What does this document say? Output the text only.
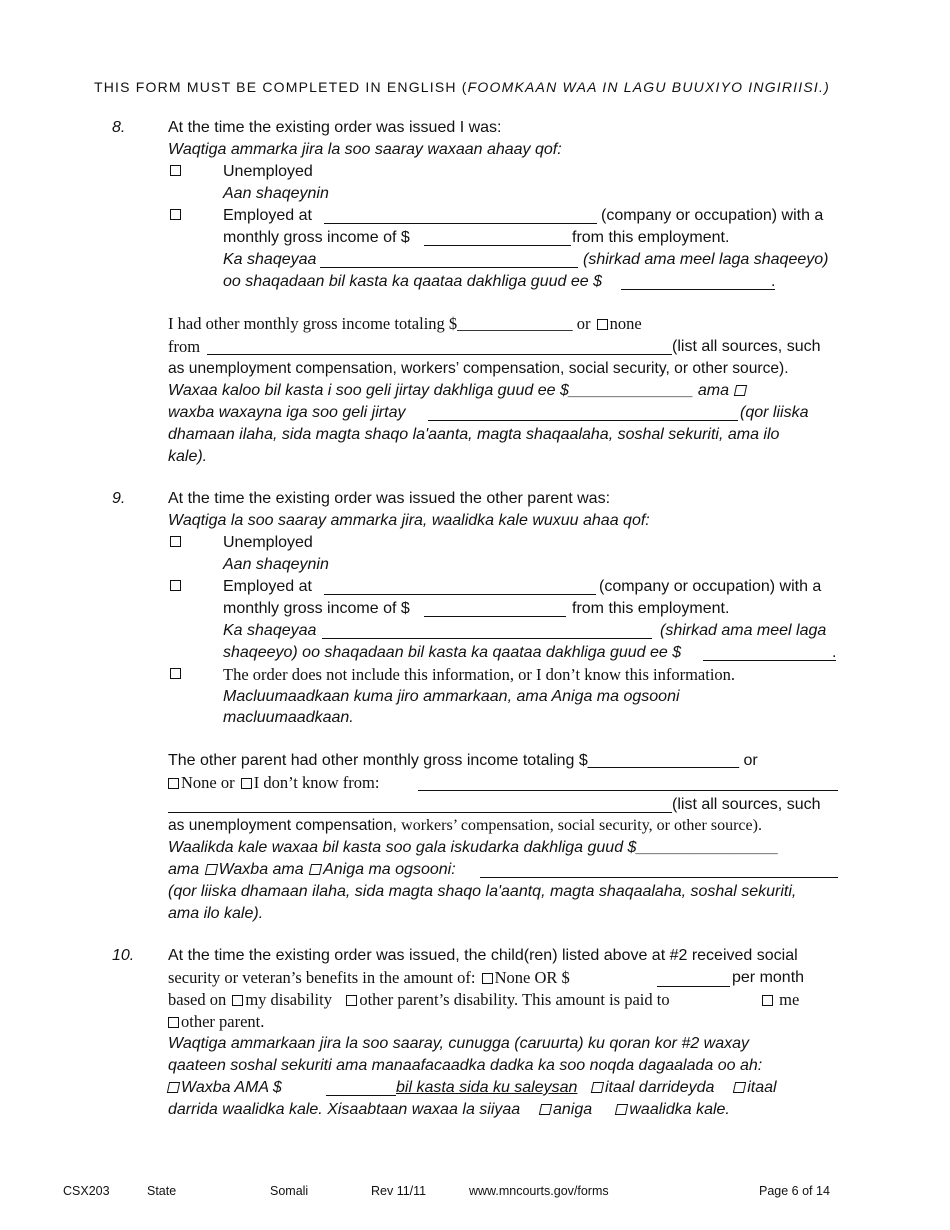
THIS FORM MUST BE COMPLETED IN ENGLISH (FOOMKAAN WAA IN LAGU BUUXIYO INGIRIISI.)
8.	At the time the existing order was issued I was:
Waqtiga ammarka jira la soo saaray waxaan ahaay qof:
Unemployed
Aan shaqeynin
Employed at	(company or occupation) with a
monthly gross income of $	from this employment.
Ka shaqeyaa	(shirkad ama meel laga shaqeeyo)
oo shaqadaan bil kasta ka qaataa dakhliga guud ee $	.
I had other monthly gross income totaling $______________ or none
from	(list all sources, such
as unemployment compensation, workers’ compensation, social security, or other source).
Waxaa kaloo bil kasta i soo geli jirtay dakhliga guud ee $______________ ama
waxba waxayna iga soo geli jirtay	(qor liiska
dhamaan ilaha, sida magta shaqo la'aanta, magta shaqaalaha, soshal sekuriti, ama ilo
kale).
9.	At the time the existing order was issued the other parent was:
Waqtiga la soo saaray ammarka jira, waalidka kale wuxuu ahaa qof:
Unemployed
Aan shaqeynin
Employed at	(company or occupation) with a
monthly gross income of $	from this employment.
Ka shaqeyaa	(shirkad ama meel laga
shaqeeyo) oo shaqadaan bil kasta ka qaataa dakhliga guud ee $	.
The order does not include this information, or I don’t know this information.
Macluumaadkaan kuma jiro ammarkaan, ama Aniga ma ogsooni
macluumaadkaan.
The other parent had other monthly gross income totaling $_________________ or
None or I don’t know from:
(list all sources, such
as unemployment compensation, workers’ compensation, social security, or other source).
Waalikda kale waxaa bil kasta soo gala iskudarka dakhliga guud $________________
ama Waxba ama Aniga ma ogsooni:
(qor liiska dhamaan ilaha, sida magta shaqo la'aantq, magta shaqaalaha, soshal sekuriti,
ama ilo kale).
10. At the time the existing order was issued, the child(ren) listed above at #2 received social
security or veteran’s benefits in the amount of: None OR $	per month
based on my disability other parent’s disability. This amount is paid to	me
other parent.
Waqtiga ammarkaan jira la soo saaray, cunugga (caruurta) ku qoran kor #2 waxay
qaateen soshal sekuriti ama manaafacaadka dadka ka soo noqda dagaalada oo ah:
Waxba AMA $	bil kasta sida ku saleysan	itaal darrideyda itaal
darrida waalidka kale. Xisaabtaan waxaa la siiyaa aniga waalidka kale.
CSX203	State	Somali	Rev 11/11	www.mncourts.gov/forms	Page 6 of 14
